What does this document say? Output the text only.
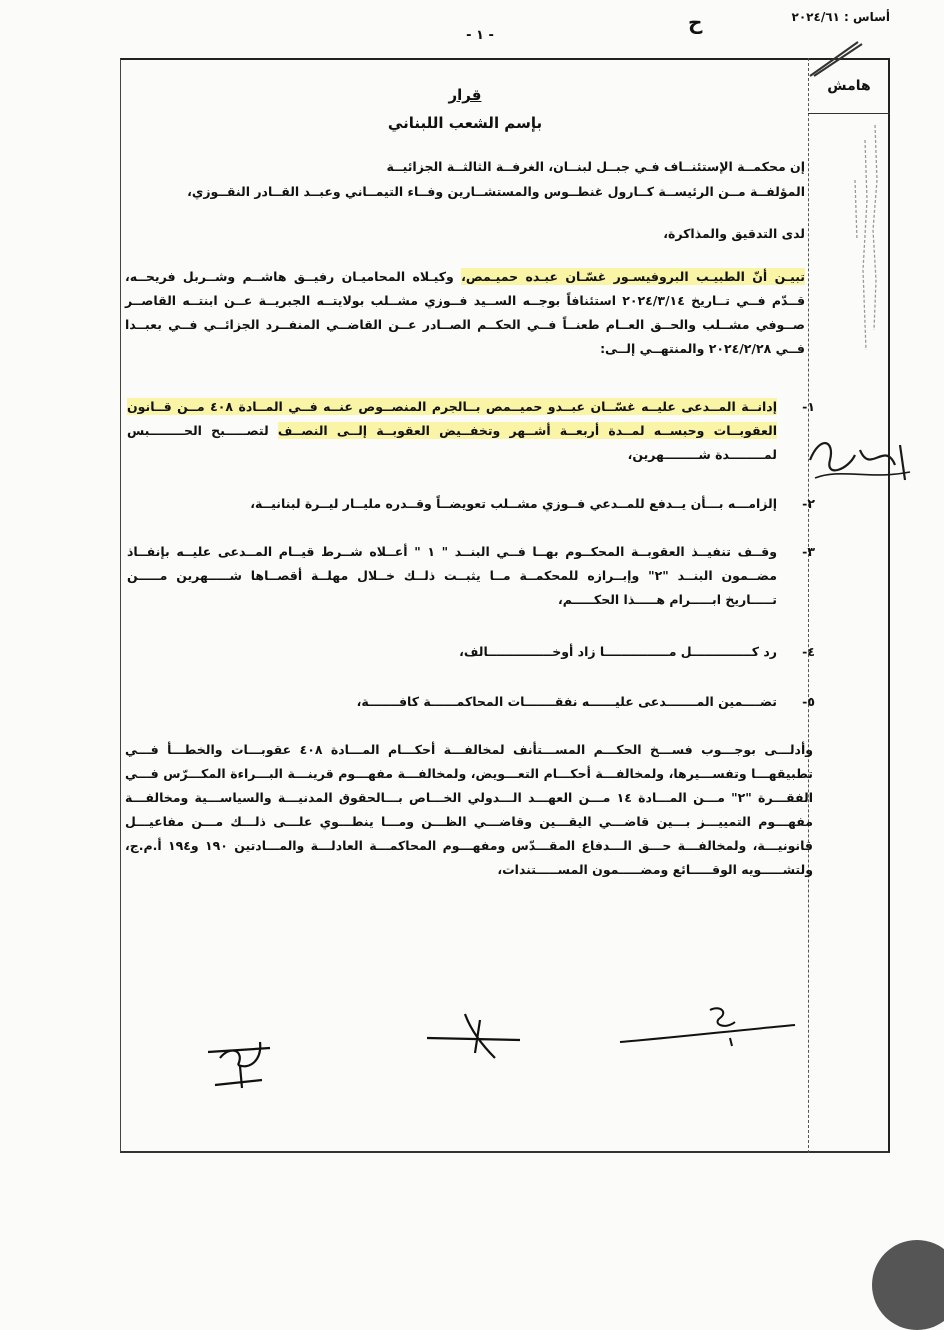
أساس : ٢٠٢٤/٦١
- ١ -
ح
هامش
قرار
بإسم الشعب اللبناني
إن محكمــة الإستئنــاف فـي جبــل لبنــان، الغرفــة الثالثــة الجزائيــة
المؤلفــة مــن الرئيســة كــارول غنطــوس والمستشــارين وفــاء التيمــاني وعبــد القــادر النقــوزي،
لدى التدقيق والمذاكرة،
تبيـن أنّ الطبيـب البروفيسـور غسّـان عبـده حميـمص، وكيـلاه المحاميـان رفيــق هاشــم وشــربل فريحــه، قــدّم فــي تــاريخ ٢٠٢٤/٣/١٤ استئنافاً بوجــه الســيد فــوزي مشــلب بولايتــه الجبريــة عــن ابنتــه القاصــر صــوفي مشــلب والحــق العــام طعنــاً فــي الحكــم الصــادر عــن القاضــي المنفــرد الجزائــي فــي بعبــدا فــي ٢٠٢٤/٢/٢٨ والمنتهــي إلــى:
١-
إدانــة المــدعى عليــه غسّــان عبــدو حميــمص بــالجرم المنصــوص عنــه فــي المــادة ٤٠٨ مــن قــانون العقوبــات وحبســه لمــدة أربعــة أشــهر وتخفــيض العقوبــة إلــى النصــف لتصـــــبح الحــــــــبس لمــــــــدة شــــــــهرين،
٢-
إلزامـــه بـــأن يــدفع للمــدعي فــوزي مشــلب تعويضــاً وقــدره مليــار ليــرة لبنانيــة،
٣-
وقــف تنفيــذ العقوبــة المحكــوم بهــا فــي البنــد " ١ " أعــلاه شــرط قيــام المــدعى عليــه بإنفــاذ مضــمون البنــد "٢" وإبــرازه للمحكمــة مــا يثبــت ذلــك خــلال مهلــة أقصــاها شـــــهرين مـــــن تـــــاريخ ابـــــرام هـــــذا الحكـــــم،
٤-
رد كــــــــــــــل مـــــــــــــــا زاد أوخـــــــــــــــالف،
٥-
تضــــمين المـــــــدعى عليــــــه نفقـــــــات المحاكمــــــة كافـــــــة،
وأدلـــى بوجـــوب فســـخ الحكـــم المســـتأنف لمخالفـــة أحكـــام المـــادة ٤٠٨ عقوبـــات والخطـــأ فـــي تطبيقهـــا وتفســـيرها، ولمخالفـــة أحكـــام التعـــويض، ولمخالفـــة مفهـــوم قرينـــة البـــراءة المكـــرّس فـــي الفقـــرة "٢" مـــن المـــادة ١٤ مـــن العهـــد الـــدولي الخـــاص بـــالحقوق المدنيـــة والسياســـية ومخالفـــة مفهـــوم التمييـــز بـــين قاضـــي اليقـــين وقاضـــي الظـــن ومـــا ينطـــوي علـــى ذلـــك مـــن مفاعيـــل قانونيـــة، ولمخالفـــة حـــق الـــدفاع المقـــدّس ومفهـــوم المحاكمـــة العادلـــة والمـــادتين ١٩٠ و١٩٤ أ.م.ج، ولتشـــــويه الوقـــــائع ومضـــــمون المســـــتندات،
